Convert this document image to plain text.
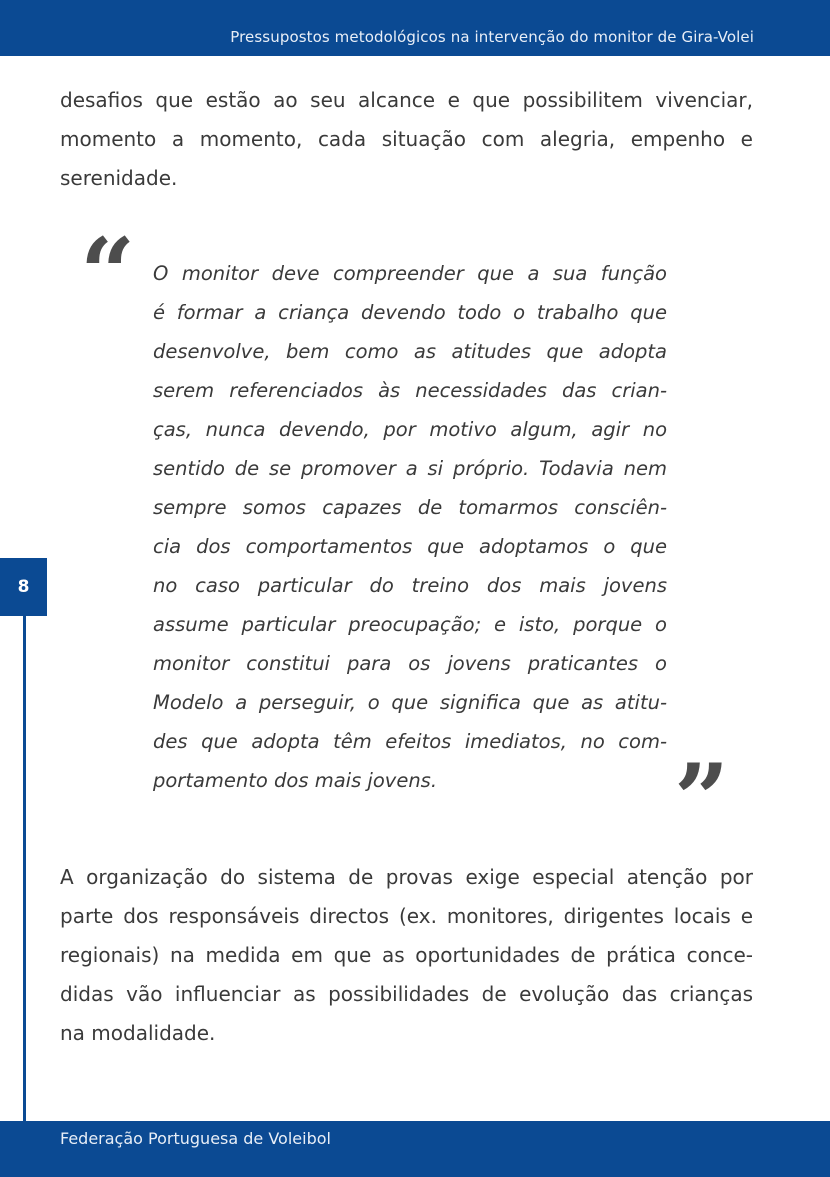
Pressupostos metodológicos na intervenção do monitor de Gira-Volei
8

desafios que estão ao seu alcance e que possibilitem vivenciar,
momento a momento, cada situação com alegria, empenho e
serenidade.

“ O monitor deve compreender que a sua função
é formar a criança devendo todo o trabalho que
desenvolve, bem como as atitudes que adopta
serem referenciados às necessidades das crian-
ças, nunca devendo, por motivo algum, agir no
sentido de se promover a si próprio. Todavia nem
sempre somos capazes de tomarmos consciên-
cia dos comportamentos que adoptamos o que
no caso particular do treino dos mais jovens
assume particular preocupação; e isto, porque o
monitor constitui para os jovens praticantes o
Modelo a perseguir, o que significa que as atitu-
des que adopta têm efeitos imediatos, no com-
portamento dos mais jovens.	”

A organização do sistema de provas exige especial atenção por
parte dos responsáveis directos (ex. monitores, dirigentes locais e
regionais) na medida em que as oportunidades de prática conce-
didas vão influenciar as possibilidades de evolução das crianças
na modalidade.

Federação Portuguesa de Voleibol
